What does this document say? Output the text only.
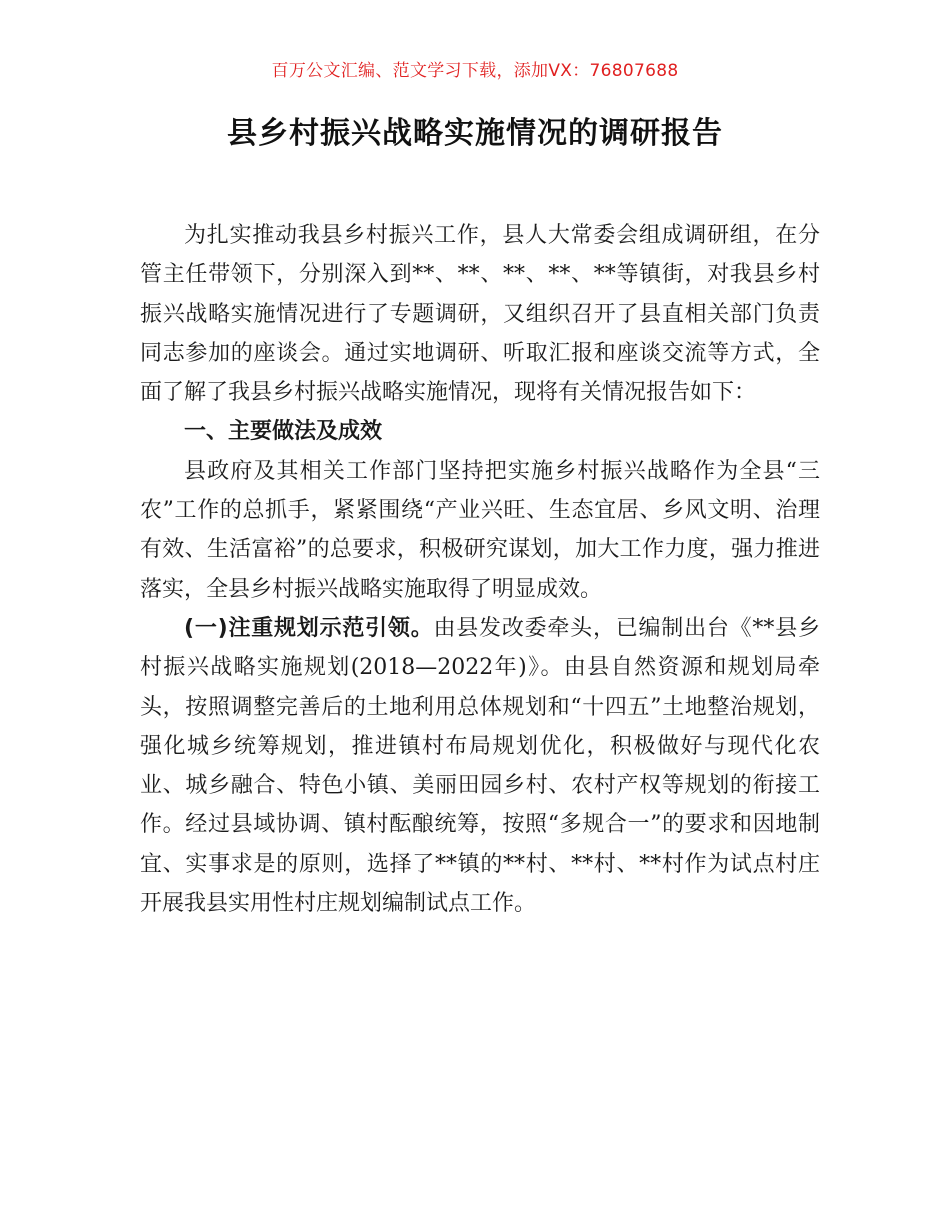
百万公文汇编、范文学习下载，添加VX：76807688
县乡村振兴战略实施情况的调研报告

为扎实推动我县乡村振兴工作，县人大常委会组成调研组，在分管主任带领下，分别深入到**、**、**、**、**等镇街，对我县乡村振兴战略实施情况进行了专题调研，又组织召开了县直相关部门负责同志参加的座谈会。通过实地调研、听取汇报和座谈交流等方式，全面了解了我县乡村振兴战略实施情况，现将有关情况报告如下：

一、主要做法及成效

县政府及其相关工作部门坚持把实施乡村振兴战略作为全县“三农”工作的总抓手，紧紧围绕“产业兴旺、生态宜居、乡风文明、治理有效、生活富裕”的总要求，积极研究谋划，加大工作力度，强力推进落实，全县乡村振兴战略实施取得了明显成效。

(一)注重规划示范引领。由县发改委牵头，已编制出台《**县乡村振兴战略实施规划(2018—2022年)》。由县自然资源和规划局牵头，按照调整完善后的土地利用总体规划和“十四五”土地整治规划，强化城乡统筹规划，推进镇村布局规划优化，积极做好与现代化农业、城乡融合、特色小镇、美丽田园乡村、农村产权等规划的衔接工作。经过县域协调、镇村酝酿统筹，按照“多规合一”的要求和因地制宜、实事求是的原则，选择了**镇的**村、**村、**村作为试点村庄开展我县实用性村庄规划编制试点工作。
